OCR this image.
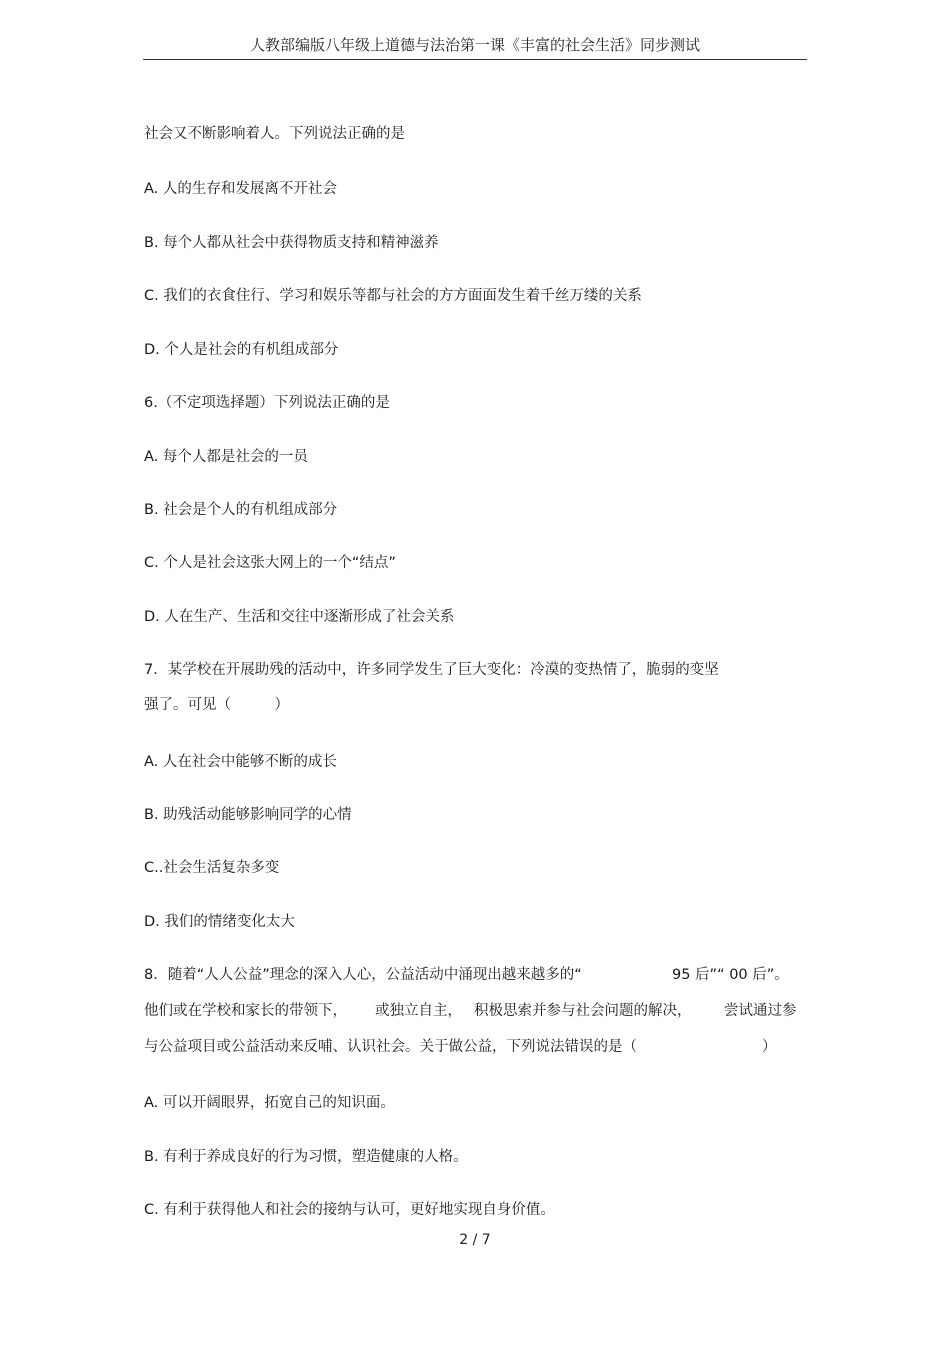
人教部编版八年级上道德与法治第一课《丰富的社会生活》同步测试
社会又不断影响着人。下列说法正确的是
A. 人的生存和发展离不开社会
B. 每个人都从社会中获得物质支持和精神滋养
C. 我们的衣食住行、学习和娱乐等都与社会的方方面面发生着千丝万缕的关系
D. 个人是社会的有机组成部分
6.（不定项选择题）下列说法正确的是
A. 每个人都是社会的一员
B. 社会是个人的有机组成部分
C. 个人是社会这张大网上的一个“结点”
D. 人在生产、生活和交往中逐渐形成了社会关系
7．某学校在开展助残的活动中，许多同学发生了巨大变化：冷漠的变热情了，脆弱的变坚
强了。可见（　　　）
A. 人在社会中能够不断的成长
B. 助残活动能够影响同学的心情
C..社会生活复杂多变
D. 我们的情绪变化太大
8．随着“人人公益”理念的深入人心，公益活动中涌现出越来越多的“	95 后”“ 00 后”。
他们或在学校和家长的带领下， 或独立自主， 积极思索并参与社会问题的解决， 尝试通过参
与公益项目或公益活动来反哺、认识社会。关于做公益，下列说法错误的是（	）
A. 可以开阔眼界，拓宽自己的知识面。
B. 有利于养成良好的行为习惯，塑造健康的人格。
C. 有利于获得他人和社会的接纳与认可，更好地实现自身价值。
2 / 7
